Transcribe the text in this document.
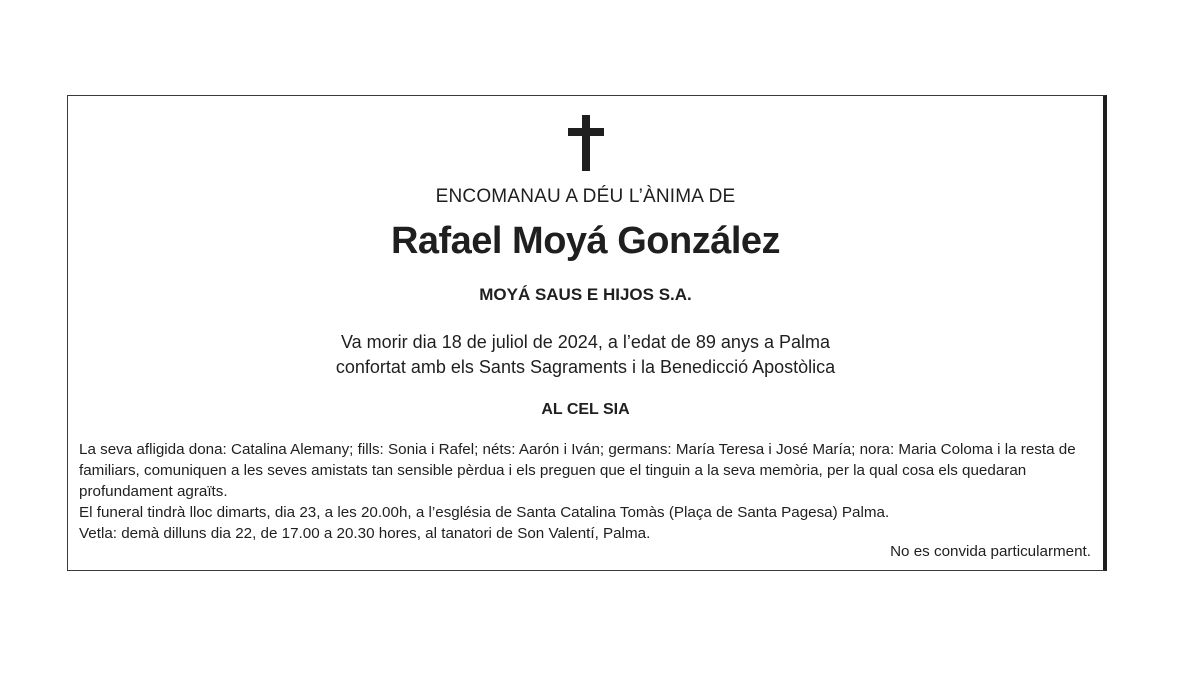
ENCOMANAU A DÉU L’ÀNIMA DE
Rafael Moyá González
MOYÁ SAUS E HIJOS S.A.
Va morir dia 18 de juliol de 2024, a l’edat de 89 anys a Palma
confortat amb els Sants Sagraments i la Benedicció Apostòlica
AL CEL SIA

La seva afligida dona: Catalina Alemany; fills: Sonia i Rafel; néts: Aarón i Iván; germans: María Teresa i José María; nora: Maria Coloma i la resta de familiars, comuniquen a les seves amistats tan sensible pèrdua i els preguen que el tinguin a la seva memòria, per la qual cosa els quedaran profundament agraïts.

El funeral tindrà lloc dimarts, dia 23, a les 20.00h, a l’església de Santa Catalina Tomàs (Plaça de Santa Pagesa) Palma.

Vetla: demà dilluns dia 22, de 17.00 a 20.30 hores, al tanatori de Son Valentí, Palma.

No es convida particularment.
